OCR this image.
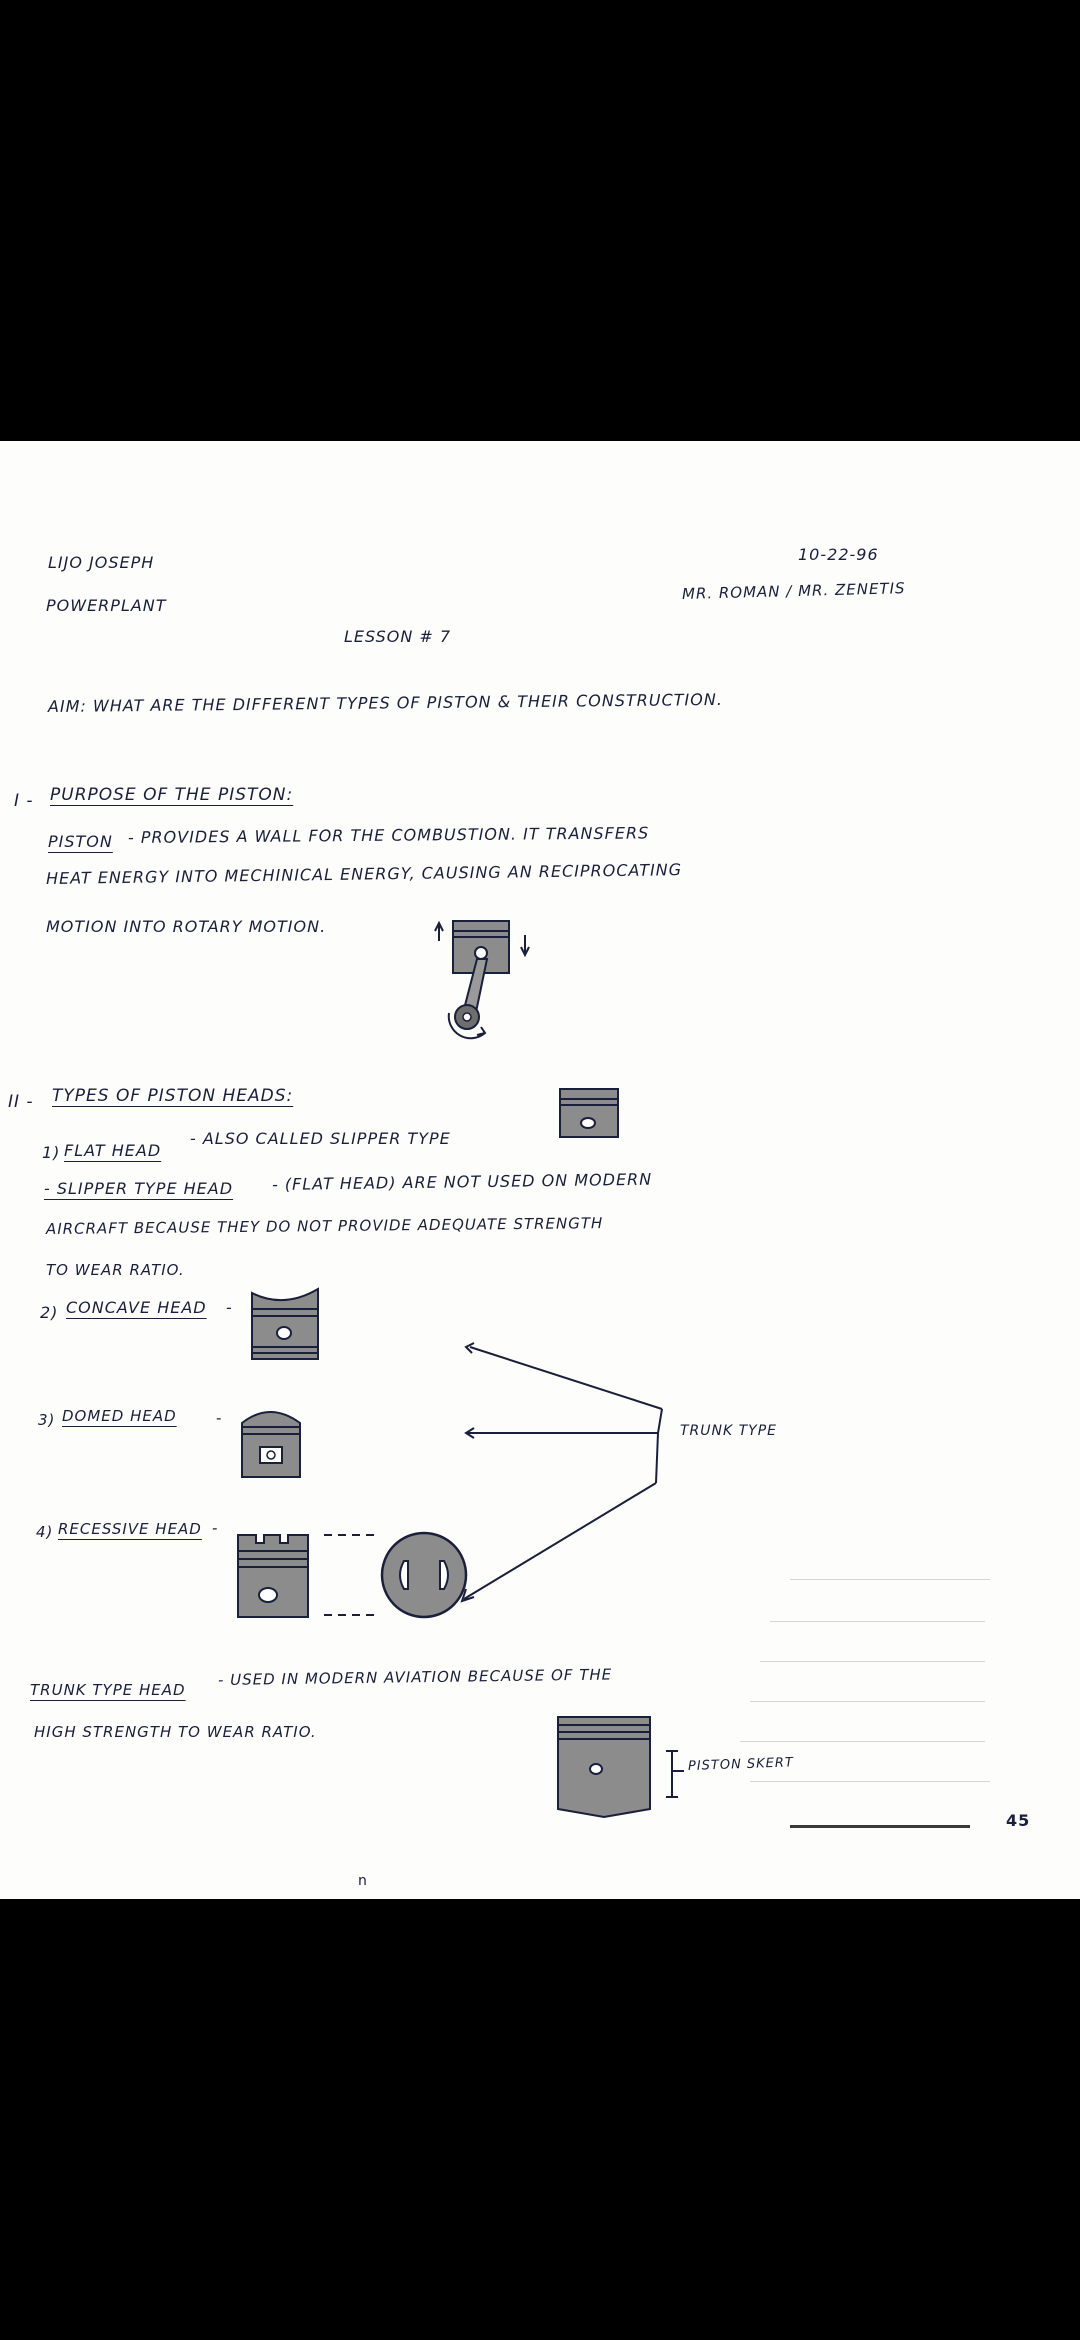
LIJO JOSEPH
POWERPLANT
10-22-96
MR. ROMAN / MR. ZENETIS
LESSON # 7
AIM: WHAT ARE THE DIFFERENT TYPES OF PISTON & THEIR CONSTRUCTION.
I - PURPOSE OF THE PISTON:
PISTON - PROVIDES A WALL FOR THE COMBUSTION. IT TRANSFERS
HEAT ENERGY INTO MECHINICAL ENERGY, CAUSING AN RECIPROCATING
MOTION INTO ROTARY MOTION.
II - TYPES OF PISTON HEADS:
1) FLAT HEAD
- ALSO CALLED SLIPPER TYPE
- SLIPPER TYPE HEAD - (FLAT HEAD) ARE NOT USED ON MODERN
AIRCRAFT BECAUSE THEY DO NOT PROVIDE ADEQUATE STRENGTH
TO WEAR RATIO.
2) CONCAVE HEAD -
3) DOMED HEAD	-
4) RECESSIVE HEAD -
TRUNK TYPE
TRUNK TYPE HEAD
- USED IN MODERN AVIATION BECAUSE OF THE
HIGH STRENGTH TO WEAR RATIO.
PISTON SKERT
45
n
